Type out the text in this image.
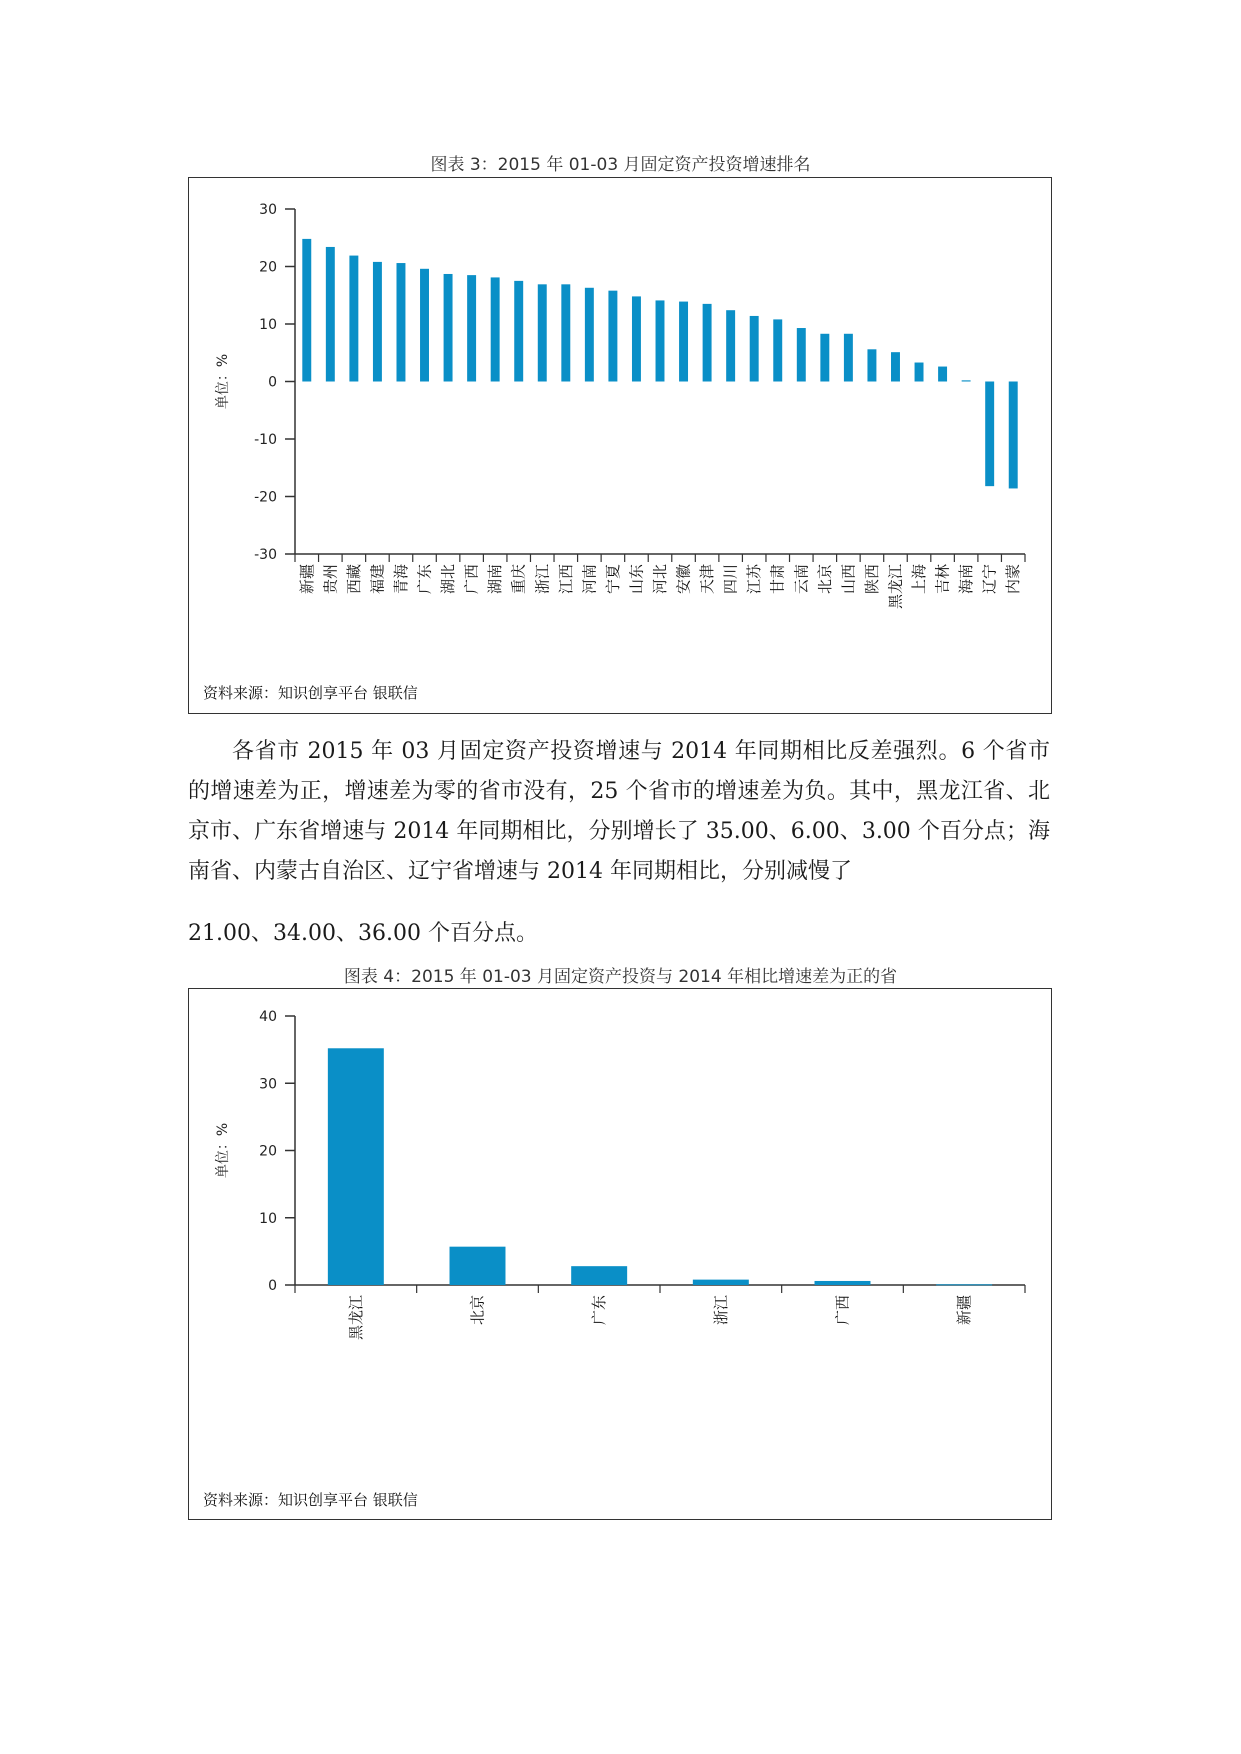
图表 3：2015 年 01-03 月固定资产投资增速排名
30
20
10
0
-10
-20
-30
单位：%
新疆 贵州 西藏 福建 青海 广东 湖北 广西 湖南 重庆 浙江 江西 河南 宁夏 山东 河北 安徽 天津 四川 江苏 甘肃 云南 北京 山西 陕西 黑龙江 上海 吉林 海南 辽宁 内蒙
资料来源：知识创享平台 银联信

各省市 2015 年 03 月固定资产投资增速与 2014 年同期相比反差强烈。6 个省市的增速差为正，增速差为零的省市没有，25 个省市的增速差为负。其中，黑龙江省、北京市、广东省增速与 2014 年同期相比，分别增长了 35.00、6.00、3.00 个百分点；海南省、内蒙古自治区、辽宁省增速与 2014 年同期相比，分别减慢了

21.00、34.00、36.00 个百分点。
图表 4：2015 年 01-03 月固定资产投资与 2014 年相比增速差为正的省
40
30
20
10
0
单位：%
黑龙江	北京	广东	浙江	广西	新疆
资料来源：知识创享平台 银联信
